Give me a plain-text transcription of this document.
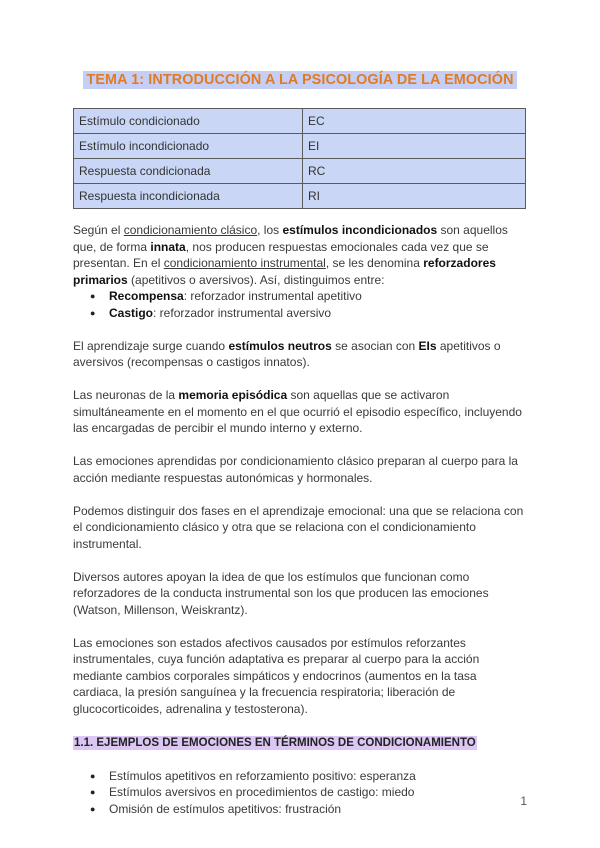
TEMA 1: INTRODUCCIÓN A LA PSICOLOGÍA DE LA EMOCIÓN
Estímulo condicionado	EC
Estímulo incondicionado	EI
Respuesta condicionada	RC
Respuesta incondicionada	RI

Según el condicionamiento clásico, los estímulos incondicionados son aquellos que, de forma innata, nos producen respuestas emocionales cada vez que se presentan. En el condicionamiento instrumental, se les denomina reforzadores primarios (apetitivos o aversivos). Así, distinguimos entre:

● Recompensa: reforzador instrumental apetitivo
● Castigo: reforzador instrumental aversivo

El aprendizaje surge cuando estímulos neutros se asocian con EIs apetitivos o aversivos (recompensas o castigos innatos).

Las neuronas de la memoria episódica son aquellas que se activaron simultáneamente en el momento en el que ocurrió el episodio específico, incluyendo las encargadas de percibir el mundo interno y externo.

Las emociones aprendidas por condicionamiento clásico preparan al cuerpo para la acción mediante respuestas autonómicas y hormonales.

Podemos distinguir dos fases en el aprendizaje emocional: una que se relaciona con el condicionamiento clásico y otra que se relaciona con el condicionamiento instrumental.

Diversos autores apoyan la idea de que los estímulos que funcionan como reforzadores de la conducta instrumental son los que producen las emociones (Watson, Millenson, Weiskrantz).

Las emociones son estados afectivos causados por estímulos reforzantes instrumentales, cuya función adaptativa es preparar al cuerpo para la acción mediante cambios corporales simpáticos y endocrinos (aumentos en la tasa cardiaca, la presión sanguínea y la frecuencia respiratoria; liberación de glucocorticoides, adrenalina y testosterona).

1.1. EJEMPLOS DE EMOCIONES EN TÉRMINOS DE CONDICIONAMIENTO

● Estímulos apetitivos en reforzamiento positivo: esperanza
● Estímulos aversivos en procedimientos de castigo: miedo
● Omisión de estímulos apetitivos: frustración
1
